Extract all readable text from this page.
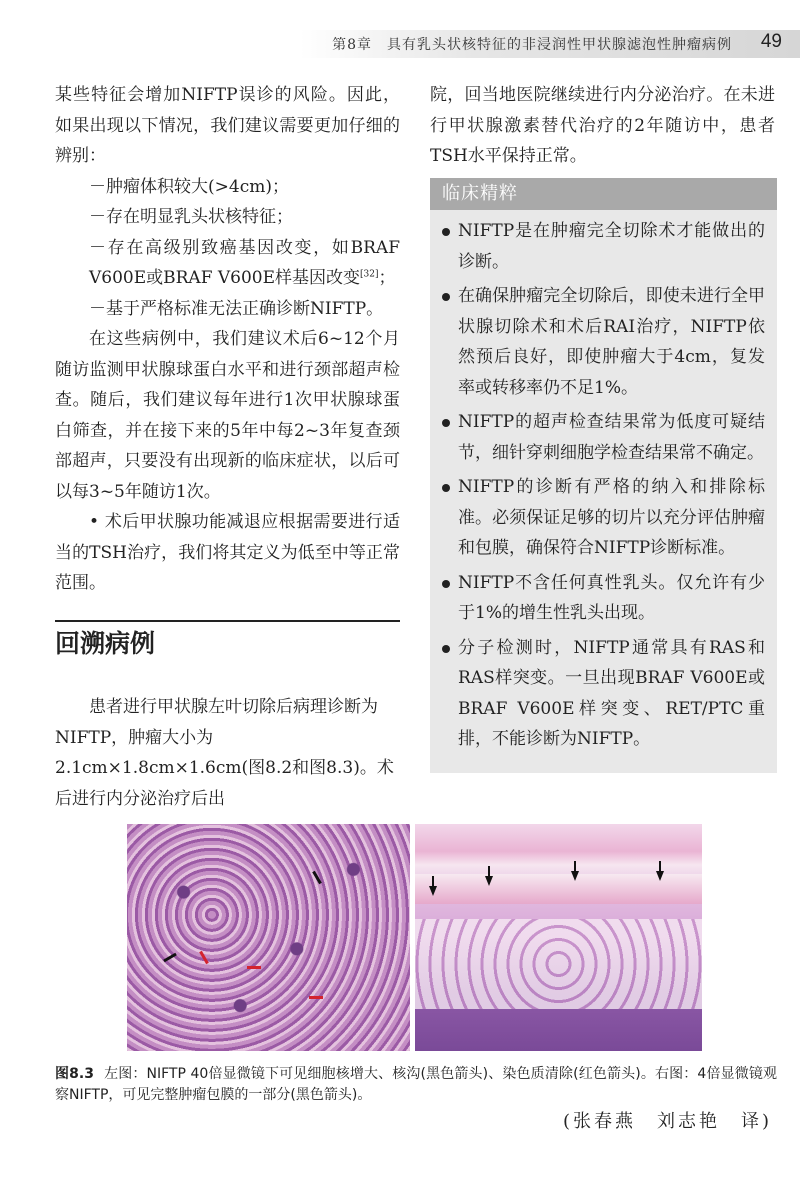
第8章　具有乳头状核特征的非浸润性甲状腺滤泡性肿瘤病例 49

某些特征会增加NIFTP误诊的风险。因此，如果出现以下情况，我们建议需要更加仔细的辨别：

－肿瘤体积较大(>4cm)；

－存在明显乳头状核特征；

－存在高级别致癌基因改变，如BRAF V600E或BRAF V600E样基因改变[32]；

－基于严格标准无法正确诊断NIFTP。

在这些病例中，我们建议术后6~12个月随访监测甲状腺球蛋白水平和进行颈部超声检查。随后，我们建议每年进行1次甲状腺球蛋白筛查，并在接下来的5年中每2~3年复查颈部超声，只要没有出现新的临床症状，以后可以每3~5年随访1次。

• 术后甲状腺功能减退应根据需要进行适当的TSH治疗，我们将其定义为低至中等正常范围。

回溯病例

患者进行甲状腺左叶切除后病理诊断为NIFTP，肿瘤大小为2.1cm×1.8cm×1.6cm(图8.2和图8.3)。术后进行内分泌治疗后出

院，回当地医院继续进行内分泌治疗。在未进行甲状腺激素替代治疗的2年随访中，患者TSH水平保持正常。

临床精粹
NIFTP是在肿瘤完全切除术才能做出的诊断。
在确保肿瘤完全切除后，即使未进行全甲状腺切除术和术后RAI治疗，NIFTP依然预后良好，即使肿瘤大于4cm，复发率或转移率仍不足1%。
NIFTP的超声检查结果常为低度可疑结节，细针穿刺细胞学检查结果常不确定。
NIFTP的诊断有严格的纳入和排除标准。必须保证足够的切片以充分评估肿瘤和包膜，确保符合NIFTP诊断标准。
NIFTP不含任何真性乳头。仅允许有少于1%的增生性乳头出现。
分子检测时，NIFTP通常具有RAS和RAS样突变。一旦出现BRAF V600E或BRAF V600E样突变、RET/PTC重排，不能诊断为NIFTP。
图8.3 左图：NIFTP 40倍显微镜下可见细胞核增大、核沟(黑色箭头)、染色质清除(红色箭头)。右图：4倍显微镜观察NIFTP，可见完整肿瘤包膜的一部分(黑色箭头)。
(张春燕　刘志艳　译)
